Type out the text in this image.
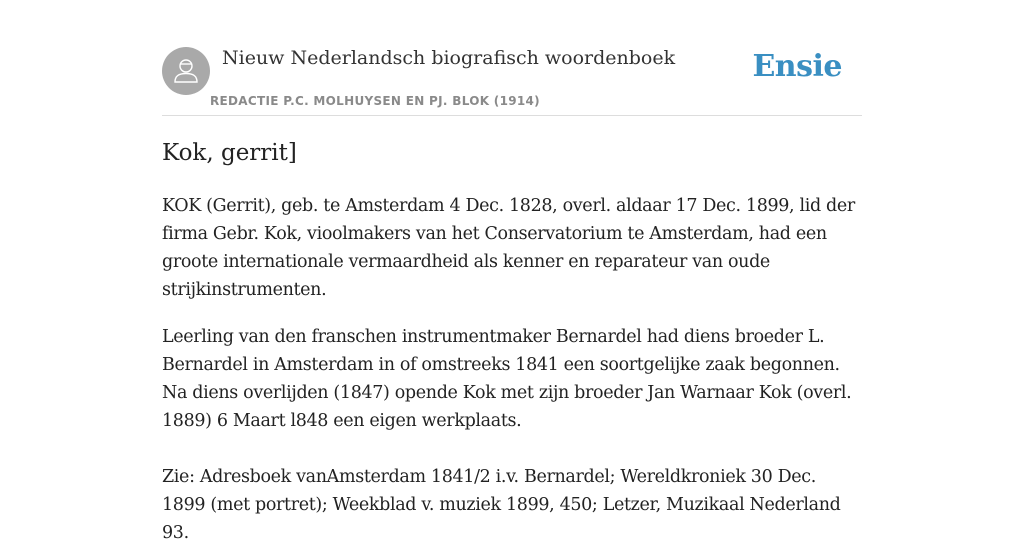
Nieuw Nederlandsch biografisch woordenboek
REDACTIE P.C. MOLHUYSEN EN PJ. BLOK (1914)
Ensie
Kok, gerrit]

KOK (Gerrit), geb. te Amsterdam 4 Dec. 1828, overl. aldaar 17 Dec. 1899, lid der firma Gebr. Kok, vioolmakers van het Conservatorium te Amsterdam, had een groote internationale vermaardheid als kenner en reparateur van oude strijkinstrumenten.

Leerling van den franschen instrumentmaker Bernardel had diens broeder L. Bernardel in Amsterdam in of omstreeks 1841 een soortgelijke zaak begonnen. Na diens overlijden (1847) opende Kok met zijn broeder Jan Warnaar Kok (overl. 1889) 6 Maart l848 een eigen werkplaats.

Zie: Adresboek vanAmsterdam 1841/2 i.v. Bernardel; Wereldkroniek 30 Dec. 1899 (met portret); Weekblad v. muziek 1899, 450; Letzer, Muzikaal Nederland 93.
